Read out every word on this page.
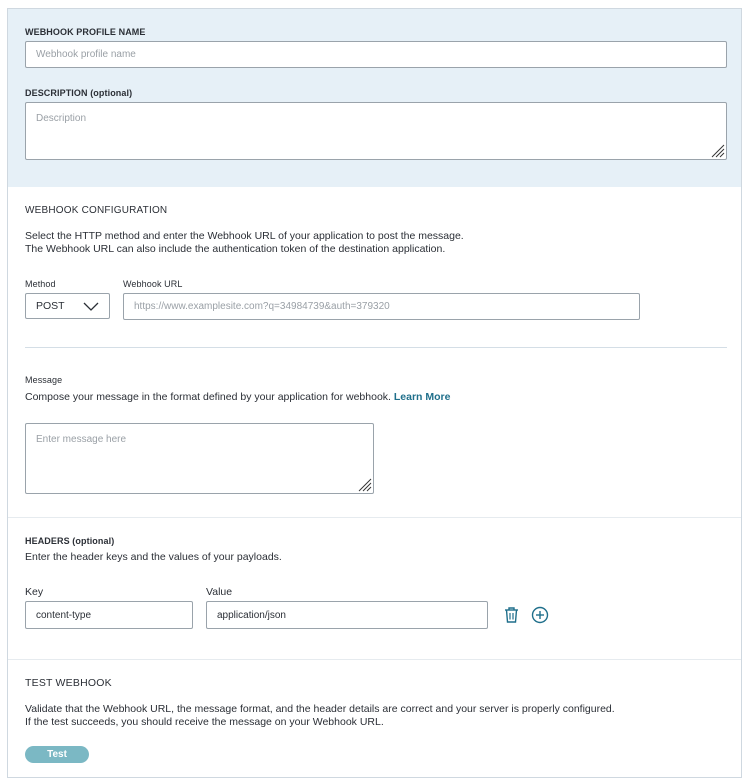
WEBHOOK PROFILE NAME
Webhook profile name
DESCRIPTION (optional)
Description
WEBHOOK CONFIGURATION
Select the HTTP method and enter the Webhook URL of your application to post the message.
The Webhook URL can also include the authentication token of the destination application.
Method
POST
Webhook URL
https://www.examplesite.com?q=34984739&auth=379320
Message
Compose your message in the format defined by your application for webhook. Learn More
Enter message here
HEADERS (optional)
Enter the header keys and the values of your payloads.
Key	Value
content-type
application/json
TEST WEBHOOK
Validate that the Webhook URL, the message format, and the header details are correct and your server is properly configured.
If the test succeeds, you should receive the message on your Webhook URL.
Test
